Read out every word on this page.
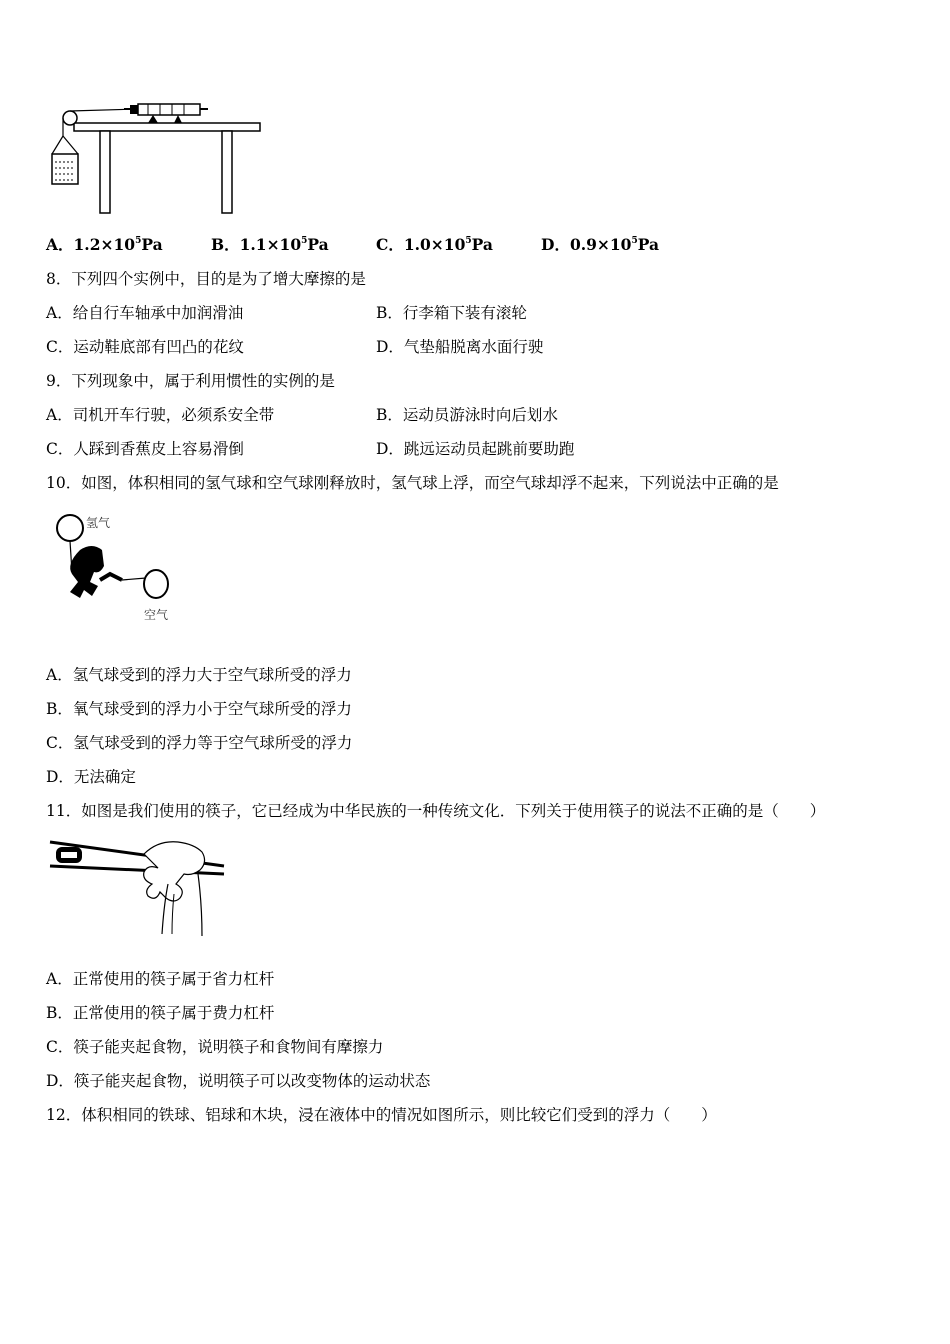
A．$1.2\times 10^5Pa$	B．$1.1\times 10^5Pa$	C．$1.0\times 10^5Pa$	D．$0.9\times 10^5Pa$
8．下列四个实例中，目的是为了增大摩擦的是
A．给自行车轴承中加润滑油	B．行李箱下装有滚轮
C．运动鞋底部有凹凸的花纹	D．气垫船脱离水面行驶
9．下列现象中，属于利用惯性的实例的是
A．司机开车行驶，必须系安全带	B．运动员游泳时向后划水
C．人踩到香蕉皮上容易滑倒	D．跳远运动员起跳前要助跑
10．如图，体积相同的氢气球和空气球刚释放时，氢气球上浮，而空气球却浮不起来，下列说法中正确的是
氢气
空气
A．氢气球受到的浮力大于空气球所受的浮力
B．氧气球受到的浮力小于空气球所受的浮力
C．氢气球受到的浮力等于空气球所受的浮力
D．无法确定
11．如图是我们使用的筷子，它已经成为中华民族的一种传统文化．下列关于使用筷子的说法不正确的是（　　）
A．正常使用的筷子属于省力杠杆
B．正常使用的筷子属于费力杠杆
C．筷子能夹起食物，说明筷子和食物间有摩擦力
D．筷子能夹起食物，说明筷子可以改变物体的运动状态
12．体积相同的铁球、铝球和木块，浸在液体中的情况如图所示，则比较它们受到的浮力（　　）
